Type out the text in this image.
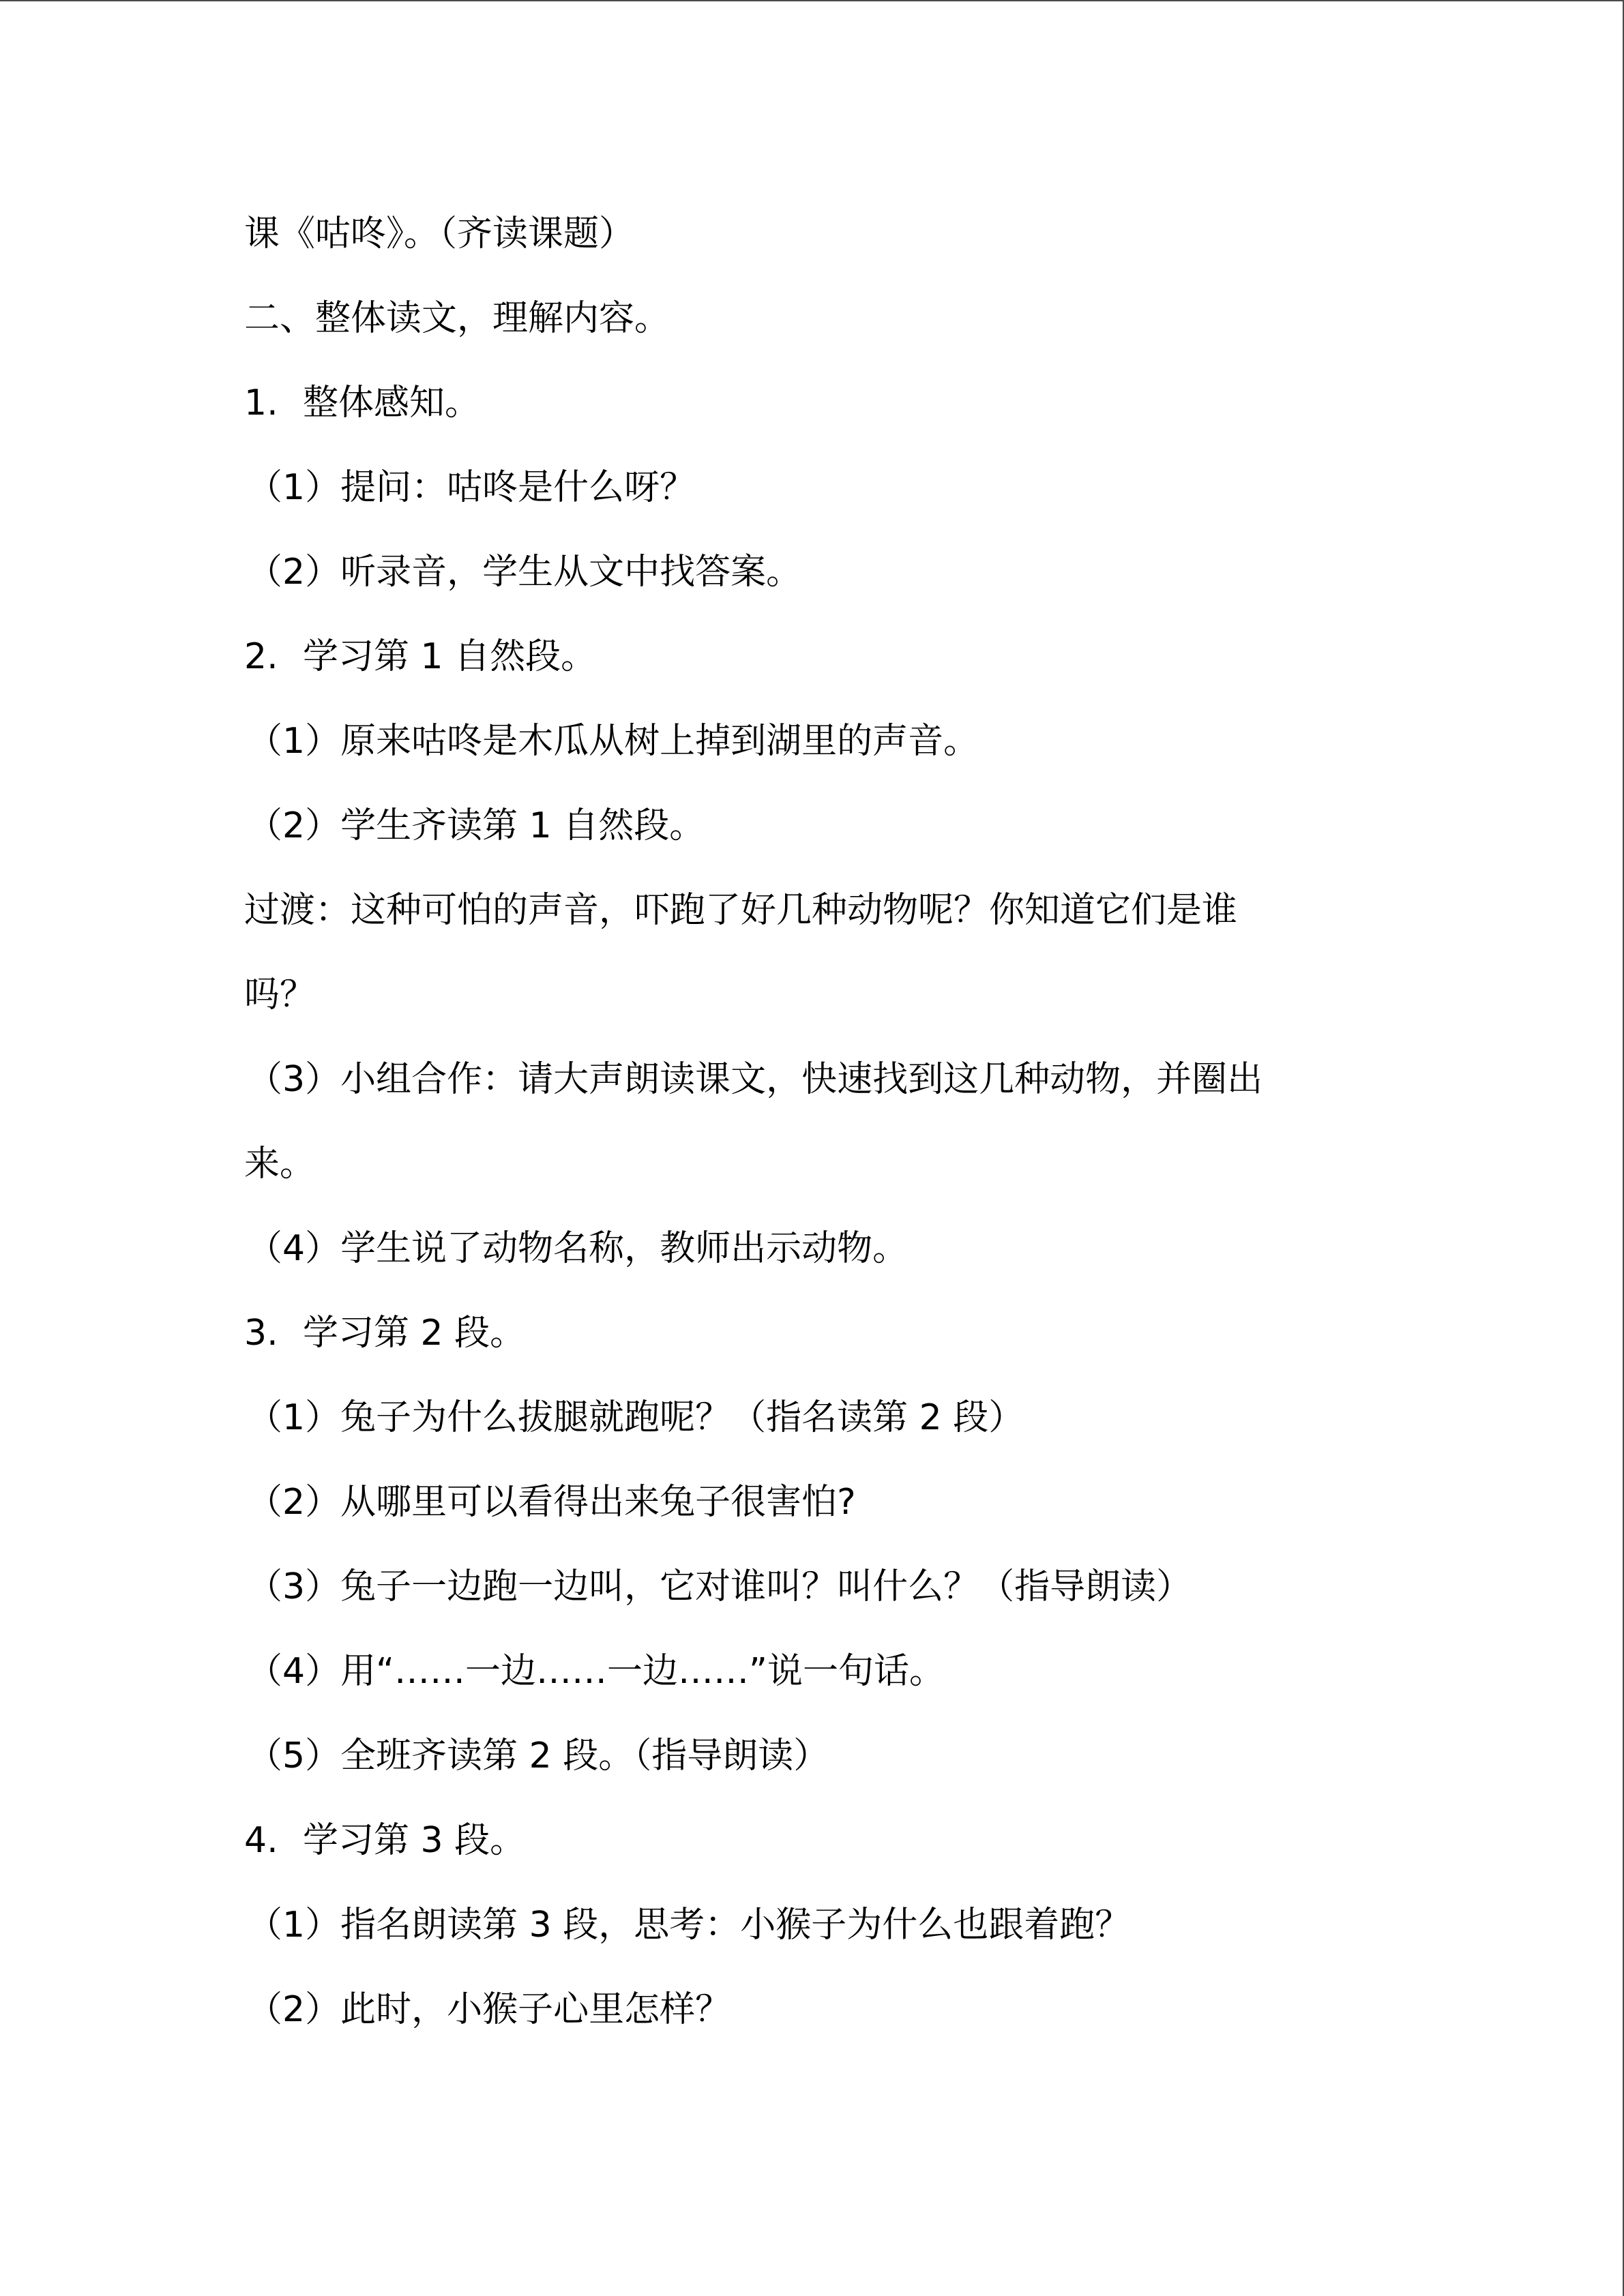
课《咕咚》。（齐读课题）
二、整体读文，理解内容。
1. 整体感知。
（1）提问：咕咚是什么呀？
（2）听录音，学生从文中找答案。
2. 学习第 1 自然段。
（1）原来咕咚是木瓜从树上掉到湖里的声音。
（2）学生齐读第 1 自然段。
过渡：这种可怕的声音，吓跑了好几种动物呢？你知道它们是谁
吗？
（3）小组合作：请大声朗读课文，快速找到这几种动物，并圈出
来。
（4）学生说了动物名称，教师出示动物。
3. 学习第 2 段。
（1）兔子为什么拔腿就跑呢？（指名读第 2 段）
（2）从哪里可以看得出来兔子很害怕?
（3）兔子一边跑一边叫，它对谁叫？叫什么？（指导朗读）
（4）用“……一边……一边……”说一句话。
（5）全班齐读第 2 段。（指导朗读）
4. 学习第 3 段。
（1）指名朗读第 3 段，思考：小猴子为什么也跟着跑？
（2）此时，小猴子心里怎样？
